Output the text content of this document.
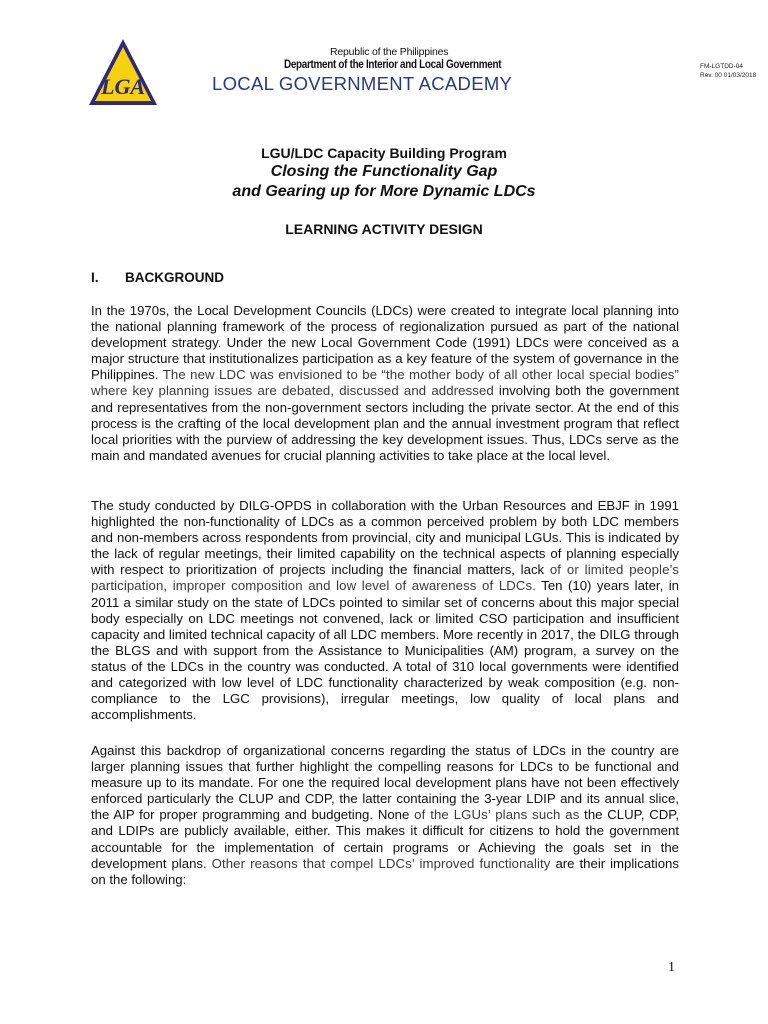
LGA
Republic of the Philippines
Department of the Interior and Local Government
LOCAL GOVERNMENT ACADEMY
FM-LGTDD-04
Rev. 00 01/03/2018
LGU/LDC Capacity Building Program
Closing the Functionality Gap
and Gearing up for More Dynamic LDCs
LEARNING ACTIVITY DESIGN
I. BACKGROUND
In the 1970s, the Local Development Councils (LDCs) were created to integrate local planning into the national planning framework of the process of regionalization pursued as part of the national development strategy. Under the new Local Government Code (1991) LDCs were conceived as a major structure that institutionalizes participation as a key feature of the system of governance in the Philippines. The new LDC was envisioned to be “the mother body of all other local special bodies” where key planning issues are debated, discussed and addressed involving both the government and representatives from the non-government sectors including the private sector. At the end of this process is the crafting of the local development plan and the annual investment program that reflect local priorities with the purview of addressing the key development issues. Thus, LDCs serve as the main and mandated avenues for crucial planning activities to take place at the local level.
The study conducted by DILG-OPDS in collaboration with the Urban Resources and EBJF in 1991 highlighted the non-functionality of LDCs as a common perceived problem by both LDC members and non-members across respondents from provincial, city and municipal LGUs. This is indicated by the lack of regular meetings, their limited capability on the technical aspects of planning especially with respect to prioritization of projects including the financial matters, lack of or limited people’s participation, improper composition and low level of awareness of LDCs. Ten (10) years later, in 2011 a similar study on the state of LDCs pointed to similar set of concerns about this major special body especially on LDC meetings not convened, lack or limited CSO participation and insufficient capacity and limited technical capacity of all LDC members. More recently in 2017, the DILG through the BLGS and with support from the Assistance to Municipalities (AM) program, a survey on the status of the LDCs in the country was conducted. A total of 310 local governments were identified and categorized with low level of LDC functionality characterized by weak composition (e.g. non-compliance to the LGC provisions), irregular meetings, low quality of local plans and accomplishments.
Against this backdrop of organizational concerns regarding the status of LDCs in the country are larger planning issues that further highlight the compelling reasons for LDCs to be functional and measure up to its mandate. For one the required local development plans have not been effectively enforced particularly the CLUP and CDP, the latter containing the 3-year LDIP and its annual slice, the AIP for proper programming and budgeting. None of the LGUs’ plans such as the CLUP, CDP, and LDIPs are publicly available, either. This makes it difficult for citizens to hold the government accountable for the implementation of certain programs or Achieving the goals set in the development plans. Other reasons that compel LDCs’ improved functionality are their implications on the following:
1
